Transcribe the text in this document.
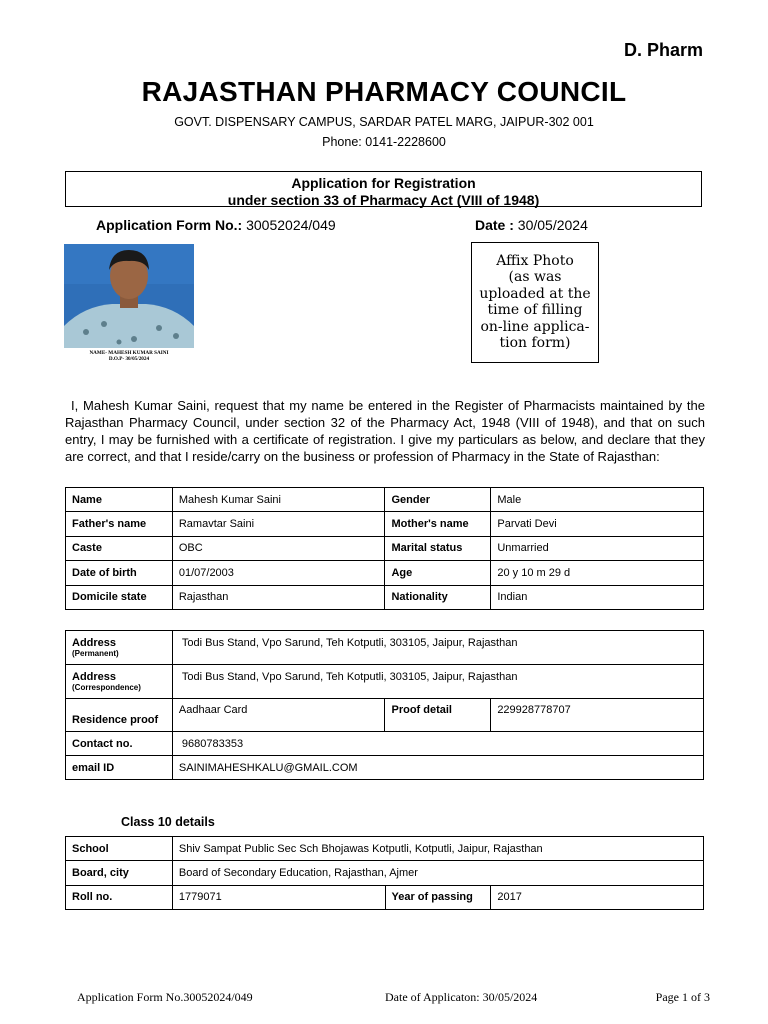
D. Pharm
RAJASTHAN PHARMACY COUNCIL
GOVT. DISPENSARY CAMPUS, SARDAR PATEL MARG, JAIPUR-302 001
Phone: 0141-2228600
Application for Registration
under section 33 of Pharmacy Act (VIII of 1948)
Application Form No.: 30052024/049	Date : 30/05/2024
NAME- MAHESH KUMAR SAINI
D.O.P- 30/05/2024
Affix Photo
(as was
uploaded at the
time of filling
on-line applica-
tion form)
I, Mahesh Kumar Saini, request that my name be entered in the Register of Pharmacists maintained by the Rajasthan Pharmacy Council, under section 32 of the Pharmacy Act, 1948 (VIII of 1948), and that on such entry, I may be furnished with a certificate of registration. I give my particulars as below, and declare that they are correct, and that I reside/carry on the business or profession of Pharmacy in the State of Rajasthan:
Name	Mahesh Kumar Saini	Gender	Male
Father's name	Ramavtar Saini	Mother's name	Parvati Devi
Caste	OBC	Marital status	Unmarried
Date of birth	01/07/2003	Age	20 y 10 m 29 d
Domicile state	Rajasthan	Nationality	Indian
Address
(Permanent)	Todi Bus Stand, Vpo Sarund, Teh Kotputli, 303105, Jaipur, Rajasthan		
Address
(Correspondence)	Todi Bus Stand, Vpo Sarund, Teh Kotputli, 303105, Jaipur, Rajasthan		
Residence proof	Aadhaar Card	Proof detail	229928778707
Contact no.	9680783353		
email ID	SAINIMAHESHKALU@GMAIL.COM		
Class 10 details
School	Shiv Sampat Public Sec Sch Bhojawas Kotputli, Kotputli, Jaipur, Rajasthan		
Board, city	Board of Secondary Education, Rajasthan, Ajmer		
Roll no.	1779071	Year of passing	2017
Application Form No.30052024/049	Date of Applicaton: 30/05/2024	Page 1 of 3
